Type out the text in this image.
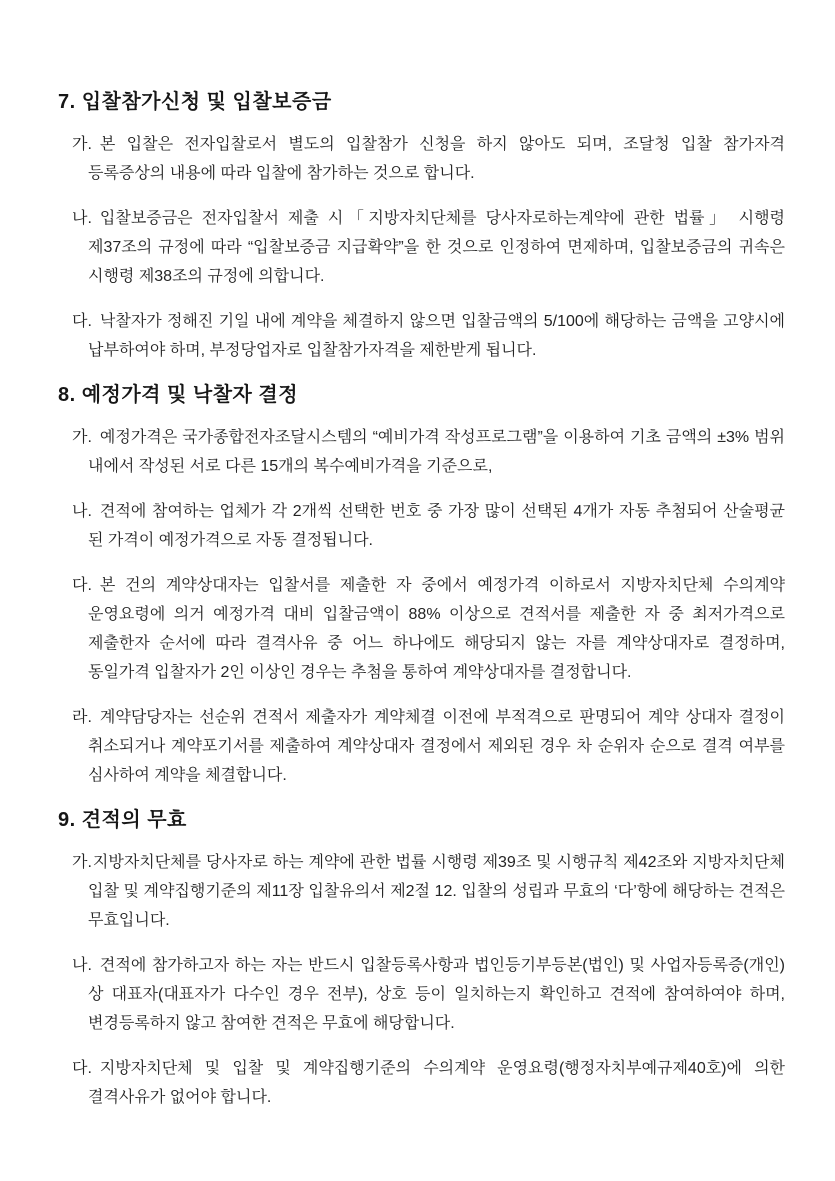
7. 입찰참가신청 및 입찰보증금

가. 본 입찰은 전자입찰로서 별도의 입찰참가 신청을 하지 않아도 되며, 조달청 입찰 참가자격 등록증상의 내용에 따라 입찰에 참가하는 것으로 합니다.

나. 입찰보증금은 전자입찰서 제출 시「지방자치단체를 당사자로하는계약에 관한 법률」 시행령 제37조의 규정에 따라 “입찰보증금 지급확약”을 한 것으로 인정하여 면제하며, 입찰보증금의 귀속은 시행령 제38조의 규정에 의합니다.

다. 낙찰자가 정해진 기일 내에 계약을 체결하지 않으면 입찰금액의 5/100에 해당하는 금액을 고양시에 납부하여야 하며, 부정당업자로 입찰참가자격을 제한받게 됩니다.

8. 예정가격 및 낙찰자 결정

가. 예정가격은 국가종합전자조달시스템의 “예비가격 작성프로그램”을 이용하여 기초 금액의 ±3% 범위 내에서 작성된 서로 다른 15개의 복수예비가격을 기준으로,

나. 견적에 참여하는 업체가 각 2개씩 선택한 번호 중 가장 많이 선택된 4개가 자동 추첨되어 산술평균 된 가격이 예정가격으로 자동 결정됩니다.

다. 본 건의 계약상대자는 입찰서를 제출한 자 중에서 예정가격 이하로서 지방자치단체 수의계약 운영요령에 의거 예정가격 대비 입찰금액이 88% 이상으로 견적서를 제출한 자 중 최저가격으로 제출한자 순서에 따라 결격사유 중 어느 하나에도 해당되지 않는 자를 계약상대자로 결정하며, 동일가격 입찰자가 2인 이상인 경우는 추첨을 통하여 계약상대자를 결정합니다.

라. 계약담당자는 선순위 견적서 제출자가 계약체결 이전에 부적격으로 판명되어 계약 상대자 결정이 취소되거나 계약포기서를 제출하여 계약상대자 결정에서 제외된 경우 차 순위자 순으로 결격 여부를 심사하여 계약을 체결합니다.

9. 견적의 무효

가.지방자치단체를 당사자로 하는 계약에 관한 법률 시행령 제39조 및 시행규칙 제42조와 지방자치단체 입찰 및 계약집행기준의 제11장 입찰유의서 제2절 12. 입찰의 성립과 무효의 ‘다’항에 해당하는 견적은 무효입니다.

나. 견적에 참가하고자 하는 자는 반드시 입찰등록사항과 법인등기부등본(법인) 및 사업자등록증(개인)상 대표자(대표자가 다수인 경우 전부), 상호 등이 일치하는지 확인하고 견적에 참여하여야 하며, 변경등록하지 않고 참여한 견적은 무효에 해당합니다.

다. 지방자치단체 및 입찰 및 계약집행기준의 수의계약 운영요령(행정자치부예규제40호)에 의한 결격사유가 없어야 합니다.
